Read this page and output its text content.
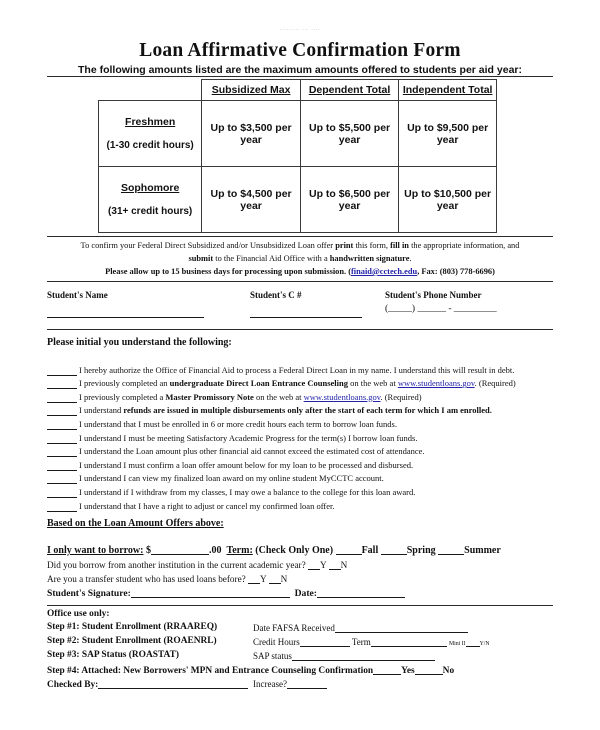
......... ... ....
Loan Affirmative Confirmation Form
The following amounts listed are the maximum amounts offered to students per aid year:
	Subsidized Max	Dependent Total	Independent Total
Freshmen
(1-30 credit hours)	Up to $3,500 per year	Up to $5,500 per year	Up to $9,500 per year
Sophomore
(31+ credit hours)	Up to $4,500 per year	Up to $6,500 per year	Up to $10,500 per year
To confirm your Federal Direct Subsidized and/or Unsubsidized Loan offer print this form, fill in the appropriate information, and
submit to the Financial Aid Office with a handwritten signature.
Please allow up to 15 business days for processing upon submission. (finaid@cctech.edu, Fax: (803) 778-6696)
Student's Name	Student's C #	Student's Phone Number
(_____) ______ - _________
Please initial you understand the following:
I hereby authorize the Office of Financial Aid to process a Federal Direct Loan in my name. I understand this will result in debt.
I previously completed an undergraduate Direct Loan Entrance Counseling on the web at www.studentloans.gov. (Required)
I previously completed a Master Promissory Note on the web at www.studentloans.gov. (Required)
I understand refunds are issued in multiple disbursements only after the start of each term for which I am enrolled.
I understand that I must be enrolled in 6 or more credit hours each term to borrow loan funds.
I understand I must be meeting Satisfactory Academic Progress for the term(s) I borrow loan funds.
I understand the Loan amount plus other financial aid cannot exceed the estimated cost of attendance.
I understand I must confirm a loan offer amount below for my loan to be processed and disbursed.
I understand I can view my finalized loan award on my online student MyCCTC account.
I understand if I withdraw from my classes, I may owe a balance to the college for this loan award.
I understand that I have a right to adjust or cancel my confirmed loan offer.
Based on the Loan Amount Offers above:
I only want to borrow: $	.00 Term: (Check Only One)	Fall	Spring	Summer
Did you borrow from another institution in the current academic year? Y N
Are you a transfer student who has used loans before? Y N
Student's Signature:	Date:
Office use only:
Step #1: Student Enrollment (RRAAREQ)	Date FAFSA Received
Step #2: Student Enrollment (ROAENRL)	Credit Hours	Term	Mini II Y/N
Step #3: SAP Status (ROASTAT)	SAP status
Step #4: Attached: New Borrowers' MPN and Entrance Counseling Confirmation	Yes	No
Checked By:	Increase?
